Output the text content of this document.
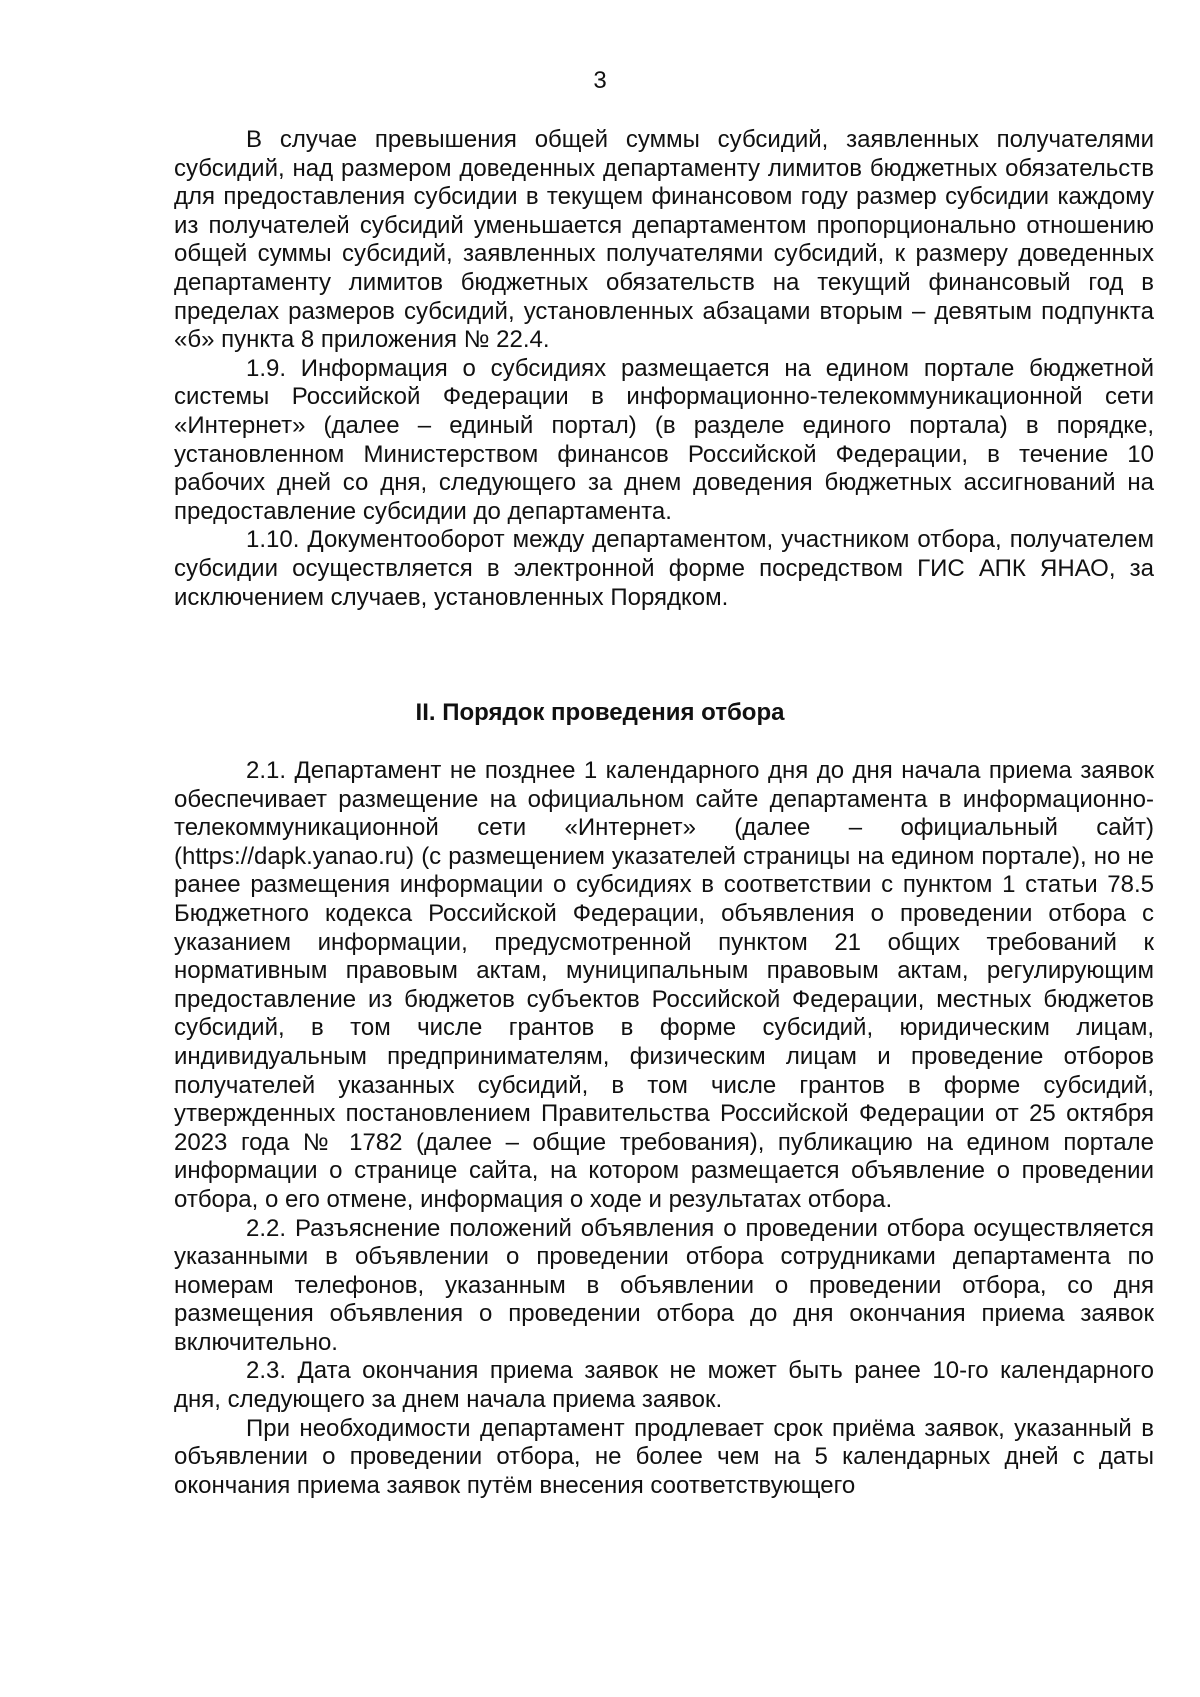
3

В случае превышения общей суммы субсидий, заявленных получателями субсидий, над размером доведенных департаменту лимитов бюджетных обязательств для предоставления субсидии в текущем финансовом году размер субсидии каждому из получателей субсидий уменьшается департаментом пропорционально отношению общей суммы субсидий, заявленных получателями субсидий, к размеру доведенных департаменту лимитов бюджетных обязательств на текущий финансовый год в пределах размеров субсидий, установленных абзацами вторым – девятым подпункта «б» пункта 8 приложения № 22.4.

1.9. Информация о субсидиях размещается на едином портале бюджетной системы Российской Федерации в информационно-телекоммуникационной сети «Интернет» (далее – единый портал) (в разделе единого портала) в порядке, установленном Министерством финансов Российской Федерации, в течение 10 рабочих дней со дня, следующего за днем доведения бюджетных ассигнований на предоставление субсидии до департамента.

1.10. Документооборот между департаментом, участником отбора, получателем субсидии осуществляется в электронной форме посредством ГИС АПК ЯНАО, за исключением случаев, установленных Порядком.

II. Порядок проведения отбора

2.1. Департамент не позднее 1 календарного дня до дня начала приема заявок обеспечивает размещение на официальном сайте департамента в информационно-телекоммуникационной сети «Интернет» (далее – официальный сайт) (https://dapk.yanao.ru) (с размещением указателей страницы на едином портале), но не ранее размещения информации о субсидиях в соответствии с пунктом 1 статьи 78.5 Бюджетного кодекса Российской Федерации, объявления о проведении отбора с указанием информации, предусмотренной пунктом 21 общих требований к нормативным правовым актам, муниципальным правовым актам, регулирующим предоставление из бюджетов субъектов Российской Федерации, местных бюджетов субсидий, в том числе грантов в форме субсидий, юридическим лицам, индивидуальным предпринимателям, физическим лицам и проведение отборов получателей указанных субсидий, в том числе грантов в форме субсидий, утвержденных постановлением Правительства Российской Федерации от 25 октября 2023 года № 1782 (далее – общие требования), публикацию на едином портале информации о странице сайта, на котором размещается объявление о проведении отбора, о его отмене, информация о ходе и результатах отбора.

2.2. Разъяснение положений объявления о проведении отбора осуществляется указанными в объявлении о проведении отбора сотрудниками департамента по номерам телефонов, указанным в объявлении о проведении отбора, со дня размещения объявления о проведении отбора до дня окончания приема заявок включительно.

2.3. Дата окончания приема заявок не может быть ранее 10-го календарного дня, следующего за днем начала приема заявок.

При необходимости департамент продлевает срок приёма заявок, указанный в объявлении о проведении отбора, не более чем на 5 календарных дней с даты окончания приема заявок путём внесения соответствующего
